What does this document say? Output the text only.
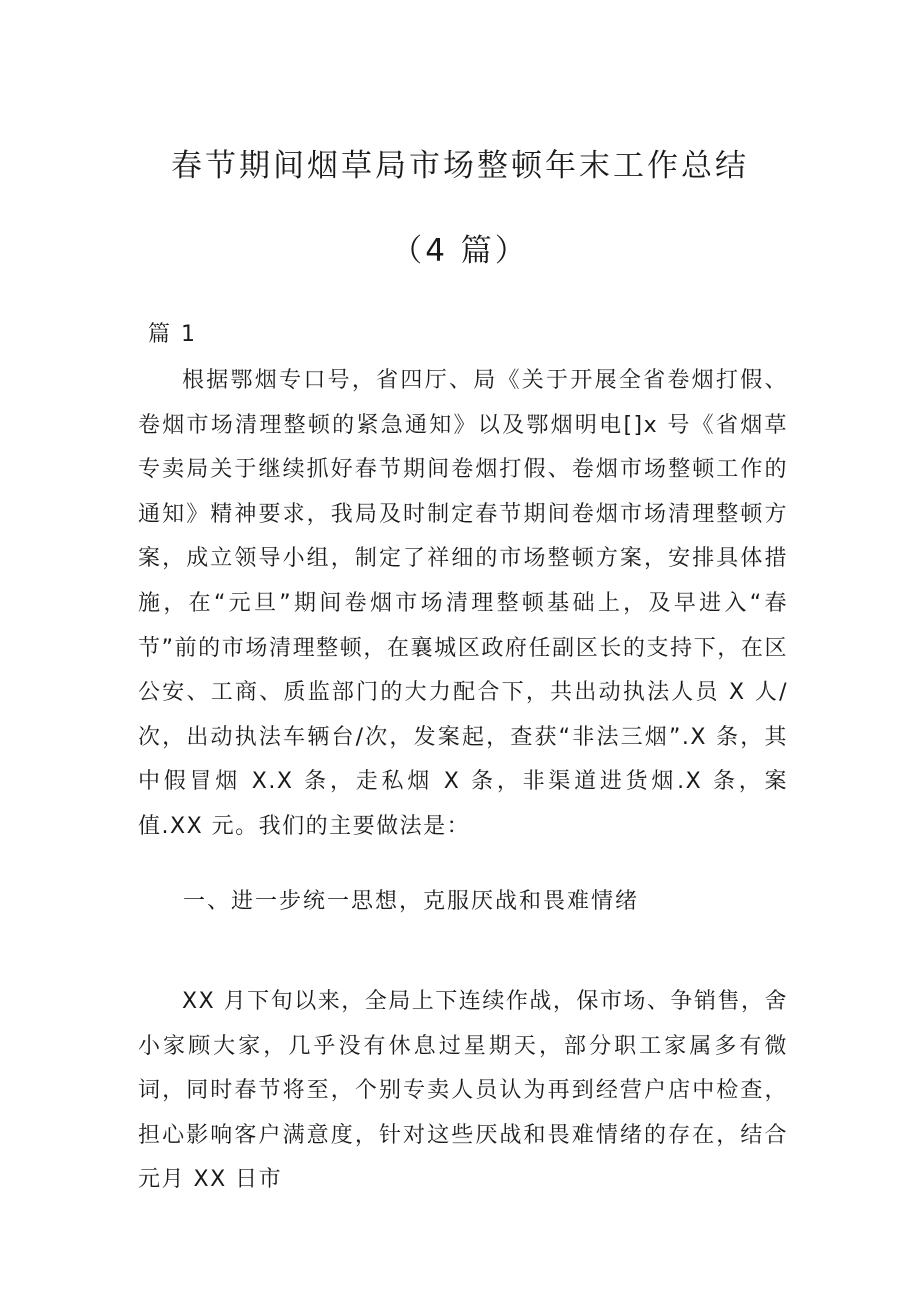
春节期间烟草局市场整顿年末工作总结
（4 篇）

篇 1

根据鄂烟专口号，省四厅、局《关于开展全省卷烟打假、卷烟市场清理整顿的紧急通知》以及鄂烟明电[]x 号《省烟草专卖局关于继续抓好春节期间卷烟打假、卷烟市场整顿工作的通知》精神要求，我局及时制定春节期间卷烟市场清理整顿方案，成立领导小组，制定了祥细的市场整顿方案，安排具体措施，在“元旦”期间卷烟市场清理整顿基础上，及早进入“春节”前的市场清理整顿，在襄城区政府任副区长的支持下，在区公安、工商、质监部门的大力配合下，共出动执法人员 X 人/次，出动执法车辆台/次，发案起，查获“非法三烟”.X 条，其中假冒烟 X.X 条，走私烟 X 条，非渠道进货烟.X 条，案值.XX 元。我们的主要做法是：

一、进一步统一思想，克服厌战和畏难情绪

XX 月下旬以来，全局上下连续作战，保市场、争销售，舍小家顾大家，几乎没有休息过星期天，部分职工家属多有微词，同时春节将至，个别专卖人员认为再到经营户店中检查，担心影响客户满意度，针对这些厌战和畏难情绪的存在，结合元月 XX 日市
